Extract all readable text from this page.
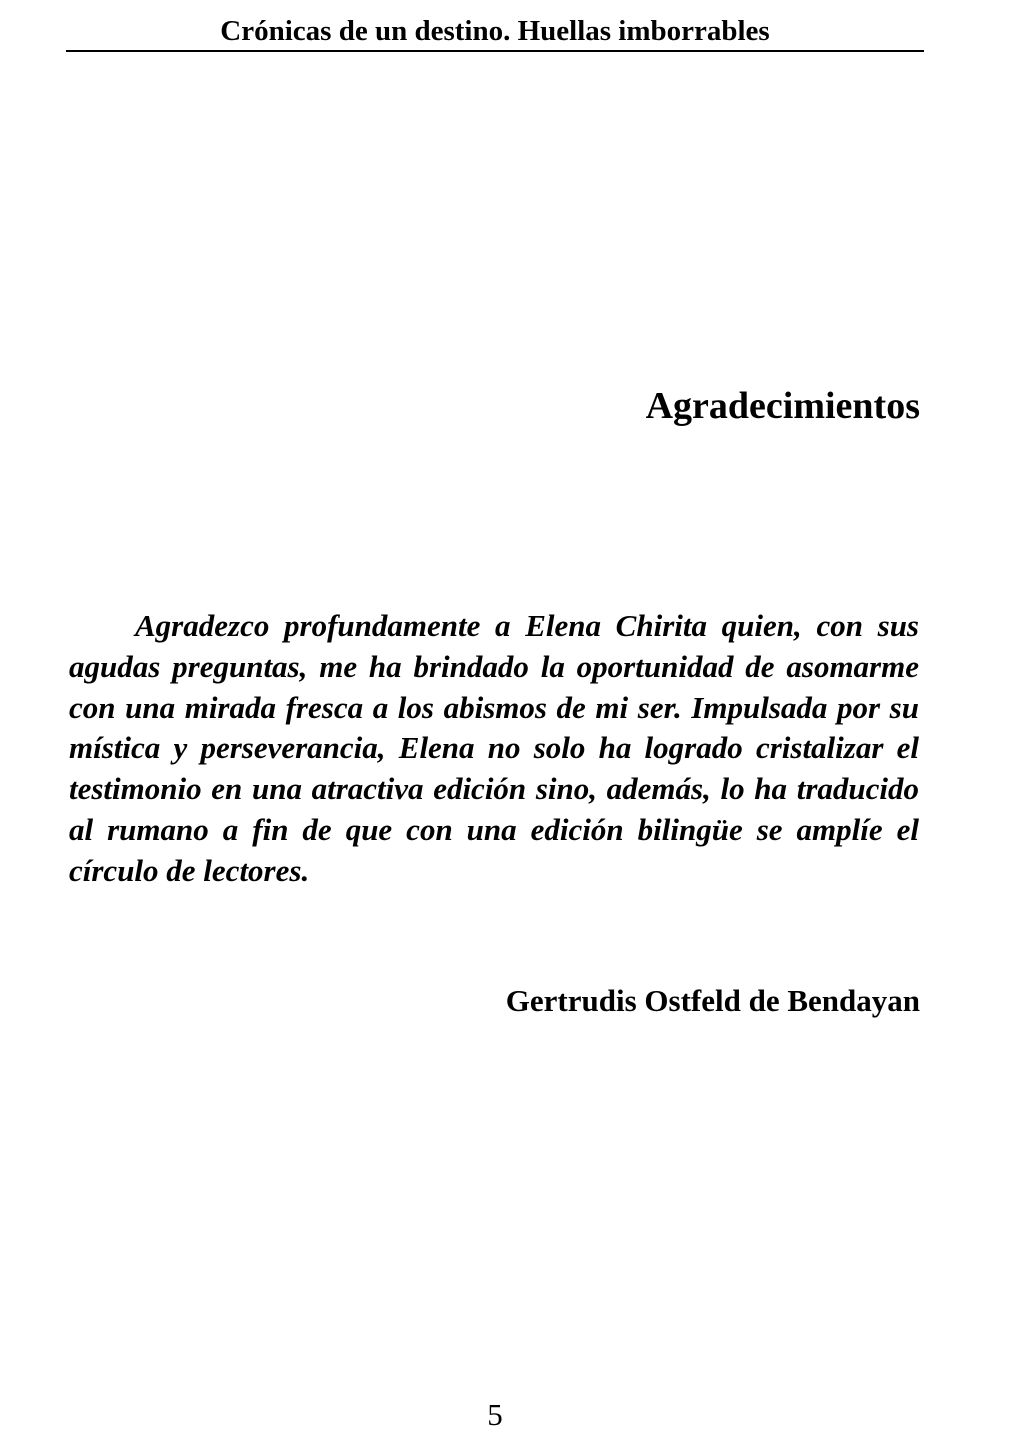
Crónicas de un destino. Huellas imborrables
Agradecimientos

Agradezco profundamente a Elena Chirita quien, con sus agudas preguntas, me ha brindado la oportunidad de asomarme con una mirada fresca a los abismos de mi ser. Impulsada por su mística y perseverancia, Elena no solo ha logrado cristalizar el testimonio en una atractiva edición sino, además, lo ha traducido al rumano a fin de que con una edición bilingüe se amplíe el círculo de lectores.

Gertrudis Ostfeld de Bendayan
5
